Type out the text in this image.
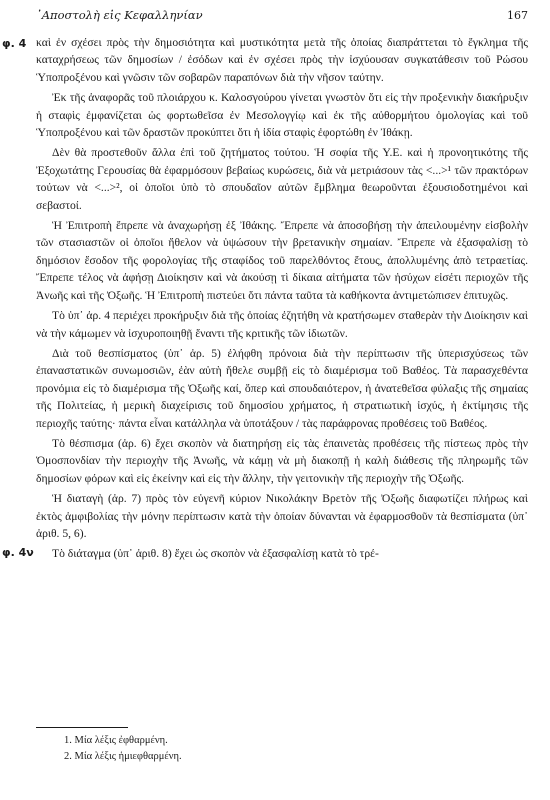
᾿Αποστολὴ εἰς Κεφαλληνίαν	167
φ. 4
φ. 4ν

καὶ ἐν σχέσει πρὸς τὴν δημοσιότητα καὶ μυστικότητα μετὰ τῆς ὁποίας διαπράττεται τὸ ἔγκλημα τῆς καταχρήσεως τῶν δημοσίων / ἐσόδων καὶ ἐν σχέσει πρὸς τὴν ἰσχύουσαν συγκατάθεσιν τοῦ Ρώσου Ὑποπροξένου καὶ γνῶσιν τῶν σοβαρῶν παραπόνων διὰ τὴν νῆσον ταύτην.

Ἐκ τῆς ἀναφορᾶς τοῦ πλοιάρχου κ. Καλοσγούρου γίνεται γνωστὸν ὅτι εἰς τὴν προξενικὴν διακήρυξιν ἡ σταφὶς ἐμφανίζεται ὡς φορτωθεῖσα ἐν Μεσολογγίῳ καὶ ἐκ τῆς αὐθορμήτου ὁμολογίας καὶ τοῦ Ὑποπροξένου καὶ τῶν δραστῶν προκύπτει ὅτι ἡ ἰδία σταφὶς ἐφορτώθη ἐν Ἰθάκῃ.

Δὲν θὰ προστεθοῦν ἄλλα ἐπὶ τοῦ ζητήματος τούτου. Ἡ σοφία τῆς Υ.Ε. καὶ ἡ προνοητικότης τῆς Ἐξοχωτάτης Γερουσίας θὰ ἐφαρμόσουν βεβαίως κυρώσεις, διὰ νὰ μετριάσουν τὰς <...>¹ τῶν πρακτόρων τούτων νὰ <...>², οἱ ὁποῖοι ὑπὸ τὸ σπουδαῖον αὐτῶν ἔμβλημα θεωροῦνται ἐξουσιοδοτημένοι καὶ σεβαστοί.

Ἡ Ἐπιτροπὴ ἔπρεπε νὰ ἀναχωρήσῃ ἐξ Ἰθάκης. Ἔπρεπε νὰ ἀποσοβήσῃ τὴν ἀπειλουμένην εἰσβολὴν τῶν στασιαστῶν οἱ ὁποῖοι ἤθελον νὰ ὑψώσουν τὴν βρετανικὴν σημαίαν. Ἔπρεπε νὰ ἐξασφαλίσῃ τὸ δημόσιον ἔσοδον τῆς φορολογίας τῆς σταφίδος τοῦ παρελθόντος ἔτους, ἀπολλυμένης ἀπὸ τετραετίας. Ἔπρεπε τέλος νὰ ἀφήσῃ Διοίκησιν καὶ νὰ ἀκούσῃ τὶ δίκαια αἰτήματα τῶν ἡσύχων εἰσέτι περιοχῶν τῆς Ἀνωῆς καὶ τῆς Ὀξωῆς. Ἡ Ἐπιτροπὴ πιστεύει ὅτι πάντα ταῦτα τὰ καθήκοντα ἀντιμετώπισεν ἐπιτυχῶς.

Τὸ ὑπ᾿ ἀρ. 4 περιέχει προκήρυξιν διὰ τῆς ὁποίας ἐζητήθη νὰ κρατήσωμεν σταθερὰν τὴν Διοίκησιν καὶ νὰ τὴν κάμωμεν νὰ ἰσχυροποιηθῇ ἔναντι τῆς κριτικῆς τῶν ἰδιωτῶν.

Διὰ τοῦ θεσπίσματος (ὑπ᾿ ἀρ. 5) ἐλήφθη πρόνοια διὰ τὴν περίπτωσιν τῆς ὑπερισχύσεως τῶν ἐπαναστατικῶν συνωμοσιῶν, ἐὰν αὐτὴ ἤθελε συμβῇ εἰς τὸ διαμέρισμα τοῦ Βαθέος. Τὰ παρασχεθέντα προνόμια εἰς τὸ διαμέρισμα τῆς Ὀξωῆς καί, ὅπερ καὶ σπουδαιότερον, ἡ ἀνατεθεῖσα φύλαξις τῆς σημαίας τῆς Πολιτείας, ἡ μερικὴ διαχείρισις τοῦ δημοσίου χρήματος, ἡ στρατιωτικὴ ἰσχύς, ἡ ἐκτίμησις τῆς περιοχῆς ταύτης· πάντα εἶναι κατάλληλα νὰ ὑποτάξουν / τὰς παράφρονας προθέσεις τοῦ Βαθέος.

Τὸ θέσπισμα (ἀρ. 6) ἔχει σκοπὸν νὰ διατηρήσῃ εἰς τὰς ἐπαινετὰς προθέσεις τῆς πίστεως πρὸς τὴν Ὁμοσπονδίαν τὴν περιοχὴν τῆς Ἀνωῆς, νὰ κάμῃ νὰ μὴ διακοπῇ ἡ καλὴ διάθεσις τῆς πληρωμῆς τῶν δημοσίων φόρων καὶ εἰς ἐκείνην καὶ εἰς τὴν ἄλλην, τὴν γειτονικὴν τῆς περιοχὴν τῆς Ὀξωῆς.

Ἡ διαταγὴ (ἀρ. 7) πρὸς τὸν εὐγενῆ κύριον Νικολάκην Βρετὸν τῆς Ὀξωῆς διαφωτίζει πλήρως καὶ ἐκτὸς ἀμφιβολίας τὴν μόνην περίπτωσιν κατὰ τὴν ὁποίαν δύνανται νὰ ἐφαρμοσθοῦν τὰ θεσπίσματα (ὑπ᾿ ἀριθ. 5, 6).

Τὸ διάταγμα (ὑπ᾿ ἀριθ. 8) ἔχει ὡς σκοπὸν νὰ ἐξασφαλίσῃ κατὰ τὸ τρέ-

1. Μία λέξις ἐφθαρμένη.
2. Μία λέξις ἡμιεφθαρμένη.
